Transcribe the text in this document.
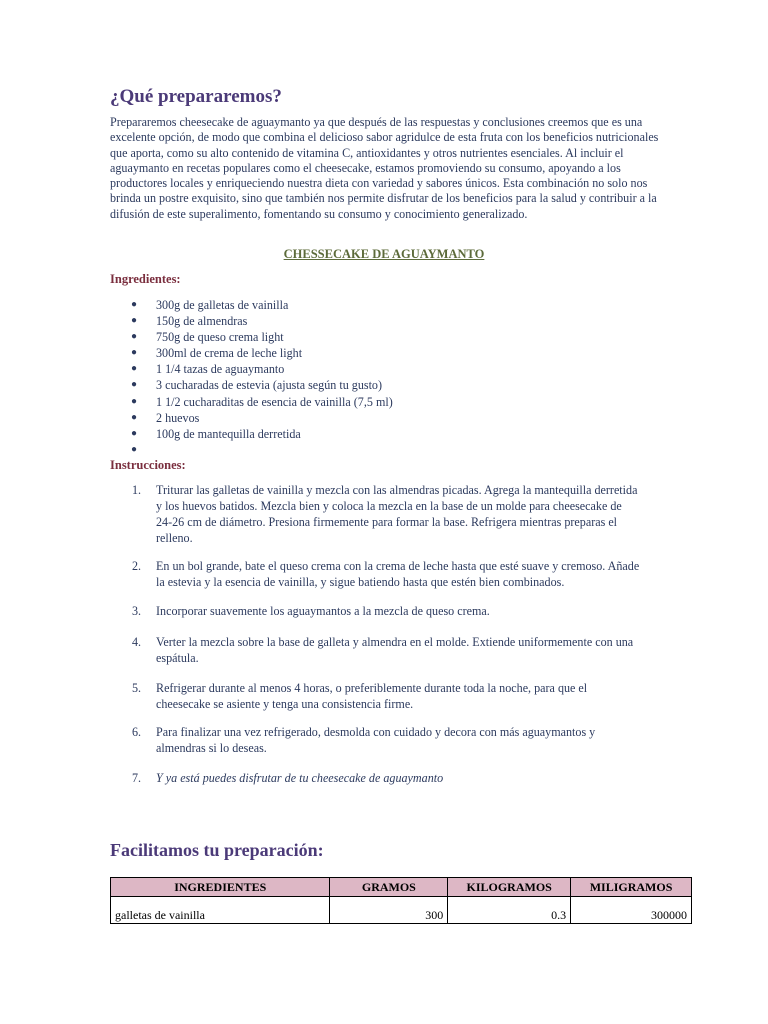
¿Qué prepararemos?
Prepararemos cheesecake de aguaymanto ya que después de las respuestas y conclusiones creemos que es una excelente opción, de modo que combina el delicioso sabor agridulce de esta fruta con los beneficios nutricionales que aporta, como su alto contenido de vitamina C, antioxidantes y otros nutrientes esenciales. Al incluir el aguaymanto en recetas populares como el cheesecake, estamos promoviendo su consumo, apoyando a los productores locales y enriqueciendo nuestra dieta con variedad y sabores únicos. Esta combinación no solo nos brinda un postre exquisito, sino que también nos permite disfrutar de los beneficios para la salud y contribuir a la difusión de este superalimento, fomentando su consumo y conocimiento generalizado.
CHESSECAKE DE AGUAYMANTO
Ingredientes:
● 300g de galletas de vainilla
● 150g de almendras
● 750g de queso crema light
● 300ml de crema de leche light
● 1 1/4 tazas de aguaymanto
● 3 cucharadas de estevia (ajusta según tu gusto)
● 1 1/2 cucharaditas de esencia de vainilla (7,5 ml)
● 2 huevos
● 100g de mantequilla derretida
●
Instrucciones:
1. Triturar las galletas de vainilla y mezcla con las almendras picadas. Agrega la mantequilla derretida y los huevos batidos. Mezcla bien y coloca la mezcla en la base de un molde para cheesecake de 24-26 cm de diámetro. Presiona firmemente para formar la base. Refrigera mientras preparas el relleno.
2. En un bol grande, bate el queso crema con la crema de leche hasta que esté suave y cremoso. Añade la estevia y la esencia de vainilla, y sigue batiendo hasta que estén bien combinados.
3. Incorporar suavemente los aguaymantos a la mezcla de queso crema.
4. Verter la mezcla sobre la base de galleta y almendra en el molde. Extiende uniformemente con una espátula.
5. Refrigerar durante al menos 4 horas, o preferiblemente durante toda la noche, para que el cheesecake se asiente y tenga una consistencia firme.
6. Para finalizar una vez refrigerado, desmolda con cuidado y decora con más aguaymantos y almendras si lo deseas.
7. Y ya está puedes disfrutar de tu cheesecake de aguaymanto
Facilitamos tu preparación:
INGREDIENTES	GRAMOS	KILOGRAMOS	MILIGRAMOS
galletas de vainilla	300	0.3	300000
